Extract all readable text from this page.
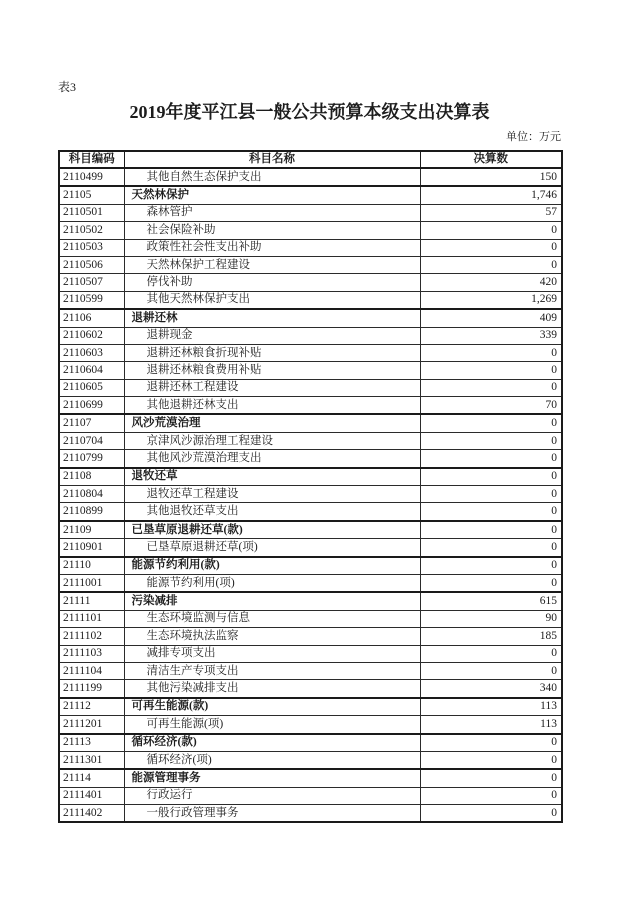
表3
2019年度平江县一般公共预算本级支出决算表
单位：万元
科目编码	科目名称	决算数
2110499	其他自然生态保护支出	150
21105	天然林保护	1,746
2110501	森林管护	57
2110502	社会保险补助	0
2110503	政策性社会性支出补助	0
2110506	天然林保护工程建设	0
2110507	停伐补助	420
2110599	其他天然林保护支出	1,269
21106	退耕还林	409
2110602	退耕现金	339
2110603	退耕还林粮食折现补贴	0
2110604	退耕还林粮食费用补贴	0
2110605	退耕还林工程建设	0
2110699	其他退耕还林支出	70
21107	风沙荒漠治理	0
2110704	京津风沙源治理工程建设	0
2110799	其他风沙荒漠治理支出	0
21108	退牧还草	0
2110804	退牧还草工程建设	0
2110899	其他退牧还草支出	0
21109	已垦草原退耕还草(款)	0
2110901	已垦草原退耕还草(项)	0
21110	能源节约利用(款)	0
2111001	能源节约利用(项)	0
21111	污染减排	615
2111101	生态环境监测与信息	90
2111102	生态环境执法监察	185
2111103	减排专项支出	0
2111104	清洁生产专项支出	0
2111199	其他污染减排支出	340
21112	可再生能源(款)	113
2111201	可再生能源(项)	113
21113	循环经济(款)	0
2111301	循环经济(项)	0
21114	能源管理事务	0
2111401	行政运行	0
2111402	一般行政管理事务	0
